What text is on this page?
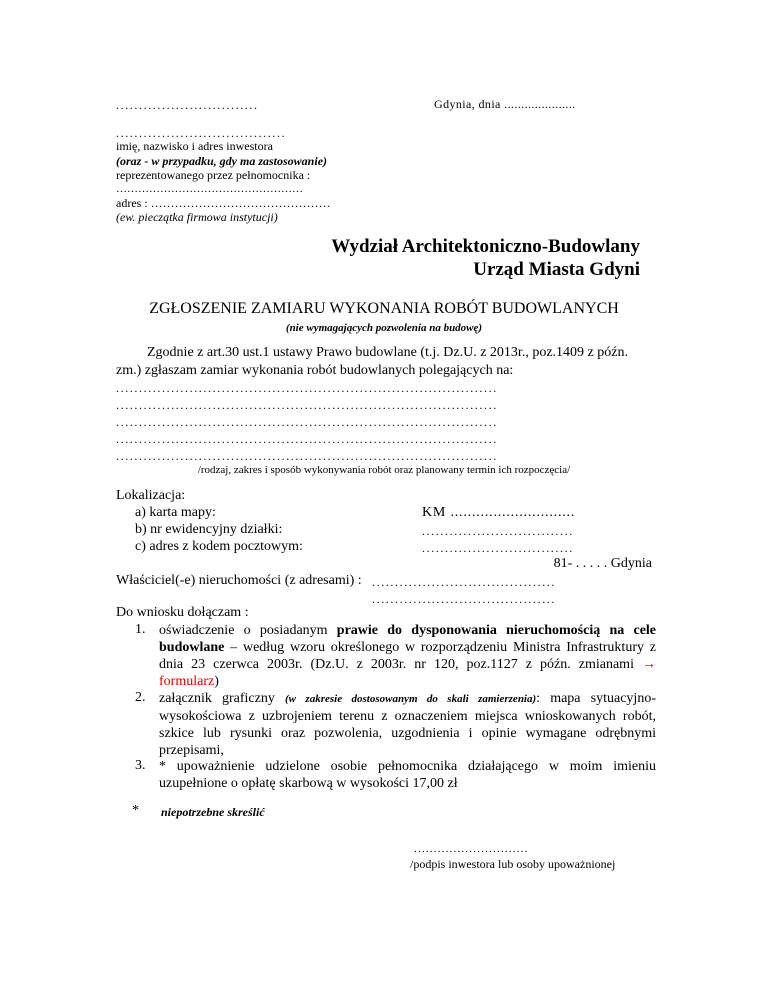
...............................	Gdynia, dnia .....................
.....................................
imię, nazwisko i adres inwestora
(oraz - w przypadku, gdy ma zastosowanie)
reprezentowanego przez pełnomocnika :
……………………………………………
adres : ………………………………………
(ew. pieczątka firmowa instytucji)
Wydział Architektoniczno-Budowlany
Urząd Miasta Gdyni
ZGŁOSZENIE ZAMIARU WYKONANIA ROBÓT BUDOWLANYCH
(nie wymagających pozwolenia na budowę)
Zgodnie z art.30 ust.1 ustawy Prawo budowlane (t.j. Dz.U. z 2013r., poz.1409 z późn.
zm.) zgłaszam zamiar wykonania robót budowlanych polegających na:
...................................................................................
...................................................................................
...................................................................................
...................................................................................
...................................................................................
/rodzaj, zakres i sposób wykonywania robót oraz planowany termin ich rozpoczęcia/
Lokalizacja:
a) karta mapy:
b) nr ewidencyjny działki:
c) adres z kodem pocztowym:
KM .............................
.................................
.................................
81- . . . . . Gdynia
Właściciel(-e) nieruchomości (z adresami) : ........................................
........................................
Do wniosku dołączam :
1. oświadczenie o posiadanym prawie do dysponowania nieruchomością na cele budowlane – według wzoru określonego w rozporządzeniu Ministra Infrastruktury z dnia 23 czerwca 2003r. (Dz.U. z 2003r. nr 120, poz.1127 z późn. zmianami → formularz)
2. załącznik graficzny (w zakresie dostosowanym do skali zamierzenia): mapa sytuacyjno-wysokościowa z uzbrojeniem terenu z oznaczeniem miejsca wnioskowanych robót, szkice lub rysunki oraz pozwolenia, uzgodnienia i opinie wymagane odrębnymi przepisami,
3. * upoważnienie udzielone osobie pełnomocnika działającego w moim imieniu uzupełnione o opłatę skarbową w wysokości 17,00 zł
* niepotrzebne skreślić
.............................
/podpis inwestora lub osoby upoważnionej
